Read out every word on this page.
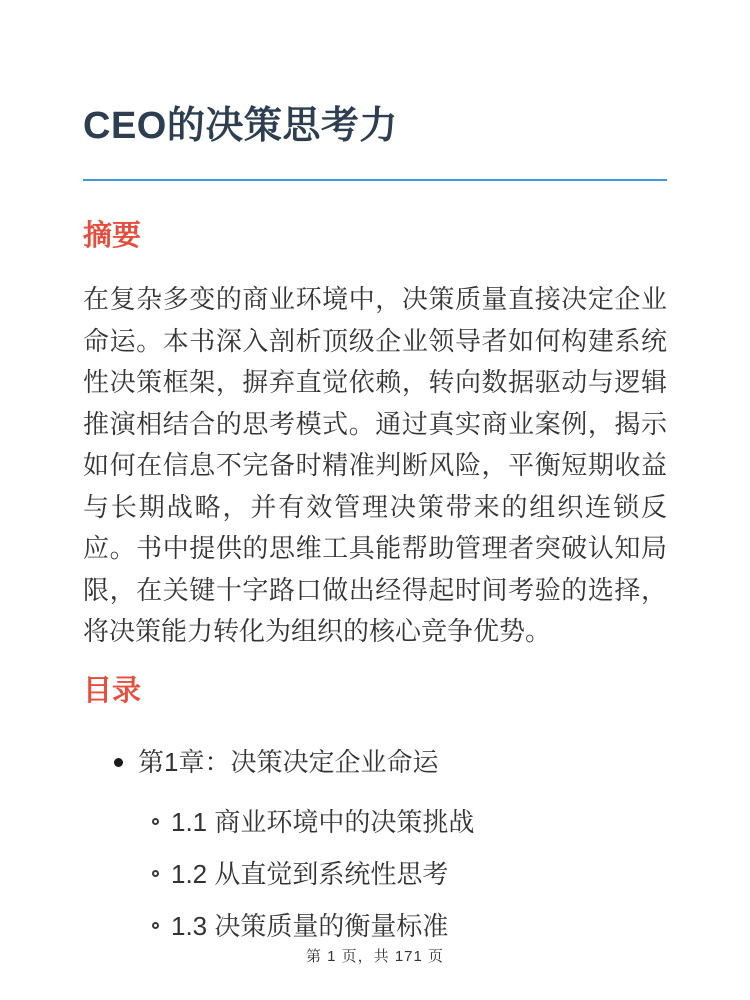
CEO的决策思考力
摘要

在复杂多变的商业环境中，决策质量直接决定企业命运。本书深入剖析顶级企业领导者如何构建系统性决策框架，摒弃直觉依赖，转向数据驱动与逻辑推演相结合的思考模式。通过真实商业案例，揭示如何在信息不完备时精准判断风险，平衡短期收益与长期战略，并有效管理决策带来的组织连锁反应。书中提供的思维工具能帮助管理者突破认知局限，在关键十字路口做出经得起时间考验的选择，将决策能力转化为组织的核心竞争优势。

目录
第1章：决策决定企业命运
1.1 商业环境中的决策挑战
1.2 从直觉到系统性思考
1.3 决策质量的衡量标准
第 1 页，共 171 页
